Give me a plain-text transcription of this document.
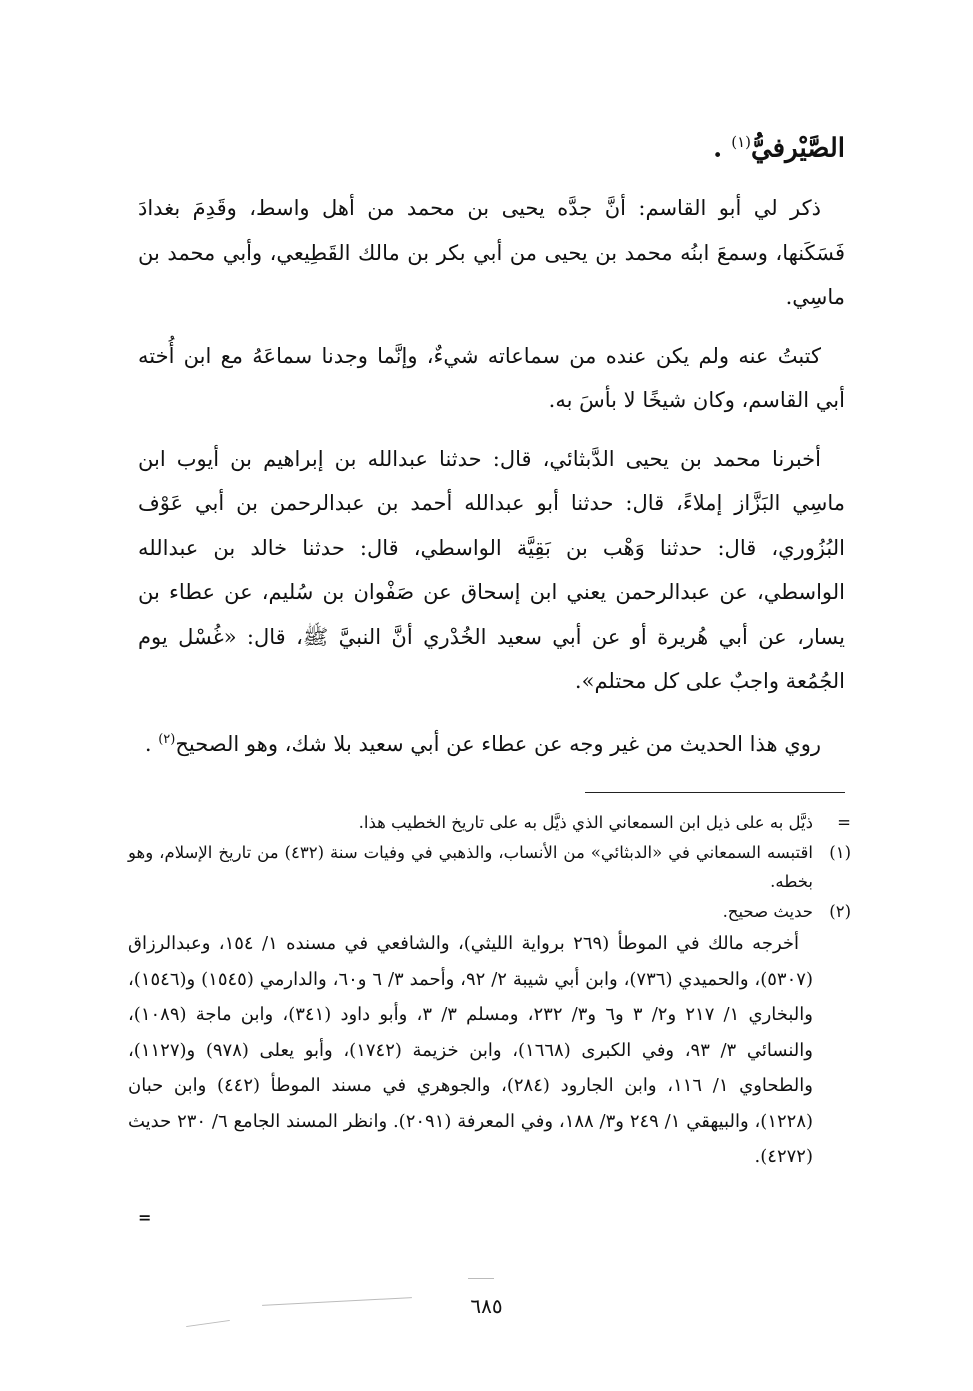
الصَّيْرفيُّ$^{(١)}$ .

ذكر لي أبو القاسم: أنَّ جدَّه يحيى بن محمد من أهل واسط، وقَدِمَ بغدادَ فَسَكَنها، وسمعَ ابنُه محمد بن يحيى من أبي بكر بن مالك القَطِيعي، وأبي محمد بن ماسِي.

كتبتُ عنه ولم يكن عنده من سماعاته شيءٌ، وإنَّما وجدنا سماعَهُ مع ابن أُخته أبي القاسم، وكان شيخًا لا بأسَ به.

أخبرنا محمد بن يحيى الدَّبثائي، قال: حدثنا عبدالله بن إبراهيم بن أيوب ابن ماسِي البَزَّاز إملاءً، قال: حدثنا أبو عبدالله أحمد بن عبدالرحمن بن أبي عَوْف البُزُوري، قال: حدثنا وَهْب بن بَقِيَّة الواسطي، قال: حدثنا خالد بن عبدالله الواسطي، عن عبدالرحمن يعني ابن إسحاق عن صَفْوان بن سُليم، عن عطاء بن يسار، عن أبي هُريرة أو عن أبي سعيد الخُدْري أنَّ النبيَّ ﷺ، قال: «غُسْل يوم الجُمُعة واجبٌ على كل محتلم».

روي هذا الحديث من غير وجه عن عطاء عن أبي سعيد بلا شك، وهو الصحيح$^{(٢)}$ .

=
ذيَّل به على ذيل ابن السمعاني الذي ذيَّل به على تاريخ الخطيب هذا.
(١)
اقتبسه السمعاني في «الدبثائي» من الأنساب، والذهبي في وفيات سنة (٤٣٢) من تاريخ الإسلام، وهو بخطه.
(٢)
حديث صحيح.
أخرجه مالك في الموطأ (٢٦٩ برواية الليثي)، والشافعي في مسنده ١/ ١٥٤، وعبدالرزاق (٥٣٠٧)، والحميدي (٧٣٦)، وابن أبي شيبة ٢/ ٩٢، وأحمد ٣/ ٦ و٦٠، والدارمي (١٥٤٥) و(١٥٤٦)، والبخاري ١/ ٢١٧ و٢/ ٣ و٦ و٣/ ٢٣٢، ومسلم ٣/ ٣، وأبو داود (٣٤١)، وابن ماجة (١٠٨٩)، والنسائي ٣/ ٩٣، وفي الكبرى (١٦٦٨)، وابن خزيمة (١٧٤٢)، وأبو يعلى (٩٧٨) و(١١٢٧)، والطحاوي ١/ ١١٦، وابن الجارود (٢٨٤)، والجوهري في مسند الموطأ (٤٤٢) وابن حبان (١٢٢٨)، والبيهقي ١/ ٢٤٩ و٣/ ١٨٨، وفي المعرفة (٢٠٩١). وانظر المسند الجامع ٦/ ٢٣٠ حديث (٤٢٧٢).
=
٦٨٥
